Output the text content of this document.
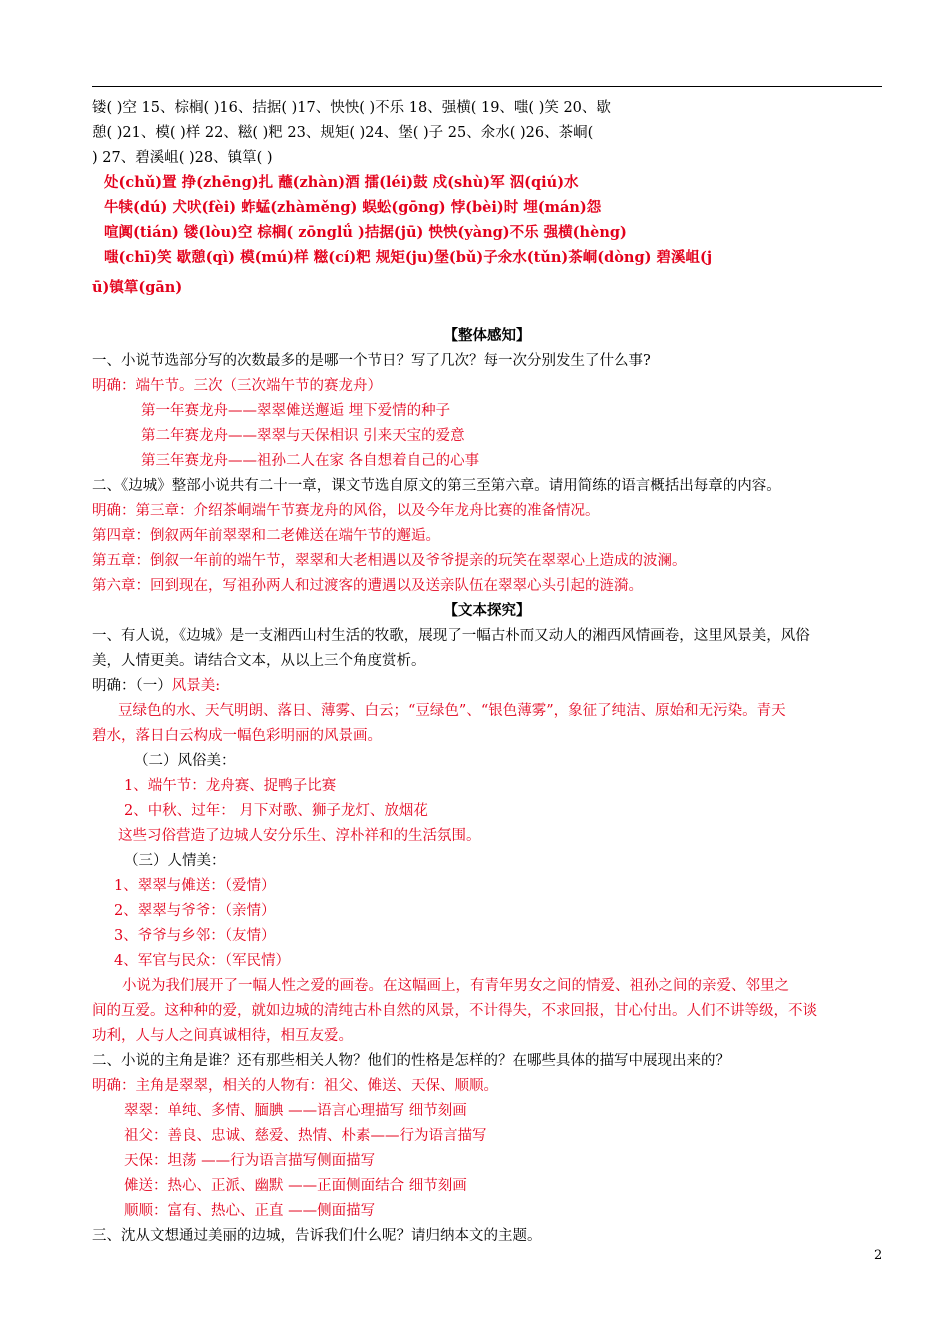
镂( )空 15、棕榈( )16、拮据( )17、怏怏( )不乐 18、强横( 19、嗤( )笑 20、歇
憩( )21、模( )样 22、糍( )粑 23、规矩( )24、堡( )子 25、氽水( )26、茶峒(
) 27、碧溪岨( )28、镇筸( )
处(chǔ)置 挣(zhēng)扎 蘸(zhàn)酒 擂(léi)鼓 戍(shù)军 泅(qiú)水
牛犊(dú) 犬吠(fèi) 蚱蜢(zhàměng) 蜈蚣(gōng) 悖(bèi)时 埋(mán)怨
喧阗(tián) 镂(lòu)空 棕榈( zōnglǘ )拮据(jū) 怏怏(yàng)不乐 强横(hèng)
嗤(chī)笑 歇憩(qì) 模(mú)样 糍(cí)粑 规矩(ju)堡(bǔ)子氽水(tǔn)茶峒(dòng) 碧溪岨(j
ū)镇筸(gān)
【整体感知】
一、小说节选部分写的次数最多的是哪一个节日？写了几次？每一次分别发生了什么事?
明确：端午节。三次（三次端午节的赛龙舟）
第一年赛龙舟——翠翠傩送邂逅 埋下爱情的种子
第二年赛龙舟——翠翠与天保相识 引来天宝的爱意
第三年赛龙舟——祖孙二人在家 各自想着自己的心事
二、《边城》整部小说共有二十一章，课文节选自原文的第三至第六章。请用简练的语言概括出每章的内容。
明确：第三章：介绍茶峒端午节赛龙舟的风俗，以及今年龙舟比赛的准备情况。
第四章：倒叙两年前翠翠和二老傩送在端午节的邂逅。
第五章：倒叙一年前的端午节，翠翠和大老相遇以及爷爷提亲的玩笑在翠翠心上造成的波澜。
第六章：回到现在，写祖孙两人和过渡客的遭遇以及送亲队伍在翠翠心头引起的涟漪。
【文本探究】
一、有人说，《边城》是一支湘西山村生活的牧歌，展现了一幅古朴而又动人的湘西风情画卷，这里风景美，风俗
美，人情更美。请结合文本，从以上三个角度赏析。
明确：（一）风景美:
豆绿色的水、天气明朗、落日、薄雾、白云；“豆绿色”、“银色薄雾”，象征了纯洁、原始和无污染。青天
碧水，落日白云构成一幅色彩明丽的风景画。
（二）风俗美：
1、端午节：龙舟赛、捉鸭子比赛
2、中秋、过年： 月下对歌、狮子龙灯、放烟花
这些习俗营造了边城人安分乐生、淳朴祥和的生活氛围。
（三）人情美：
1、翠翠与傩送：（爱情）
2、翠翠与爷爷：（亲情）
3、爷爷与乡邻：（友情）
4、军官与民众：（军民情）
小说为我们展开了一幅人性之爱的画卷。在这幅画上，有青年男女之间的情爱、祖孙之间的亲爱、邻里之
间的互爱。这种种的爱，就如边城的清纯古朴自然的风景，不计得失，不求回报，甘心付出。人们不讲等级，不谈
功利，人与人之间真诚相待，相互友爱。
二、小说的主角是谁？还有那些相关人物？他们的性格是怎样的？在哪些具体的描写中展现出来的？
明确：主角是翠翠，相关的人物有：祖父、傩送、天保、顺顺。
翠翠：单纯、多情、腼腆 ——语言心理描写 细节刻画
祖父：善良、忠诚、慈爱、热情、朴素——行为语言描写
天保：坦荡 ——行为语言描写侧面描写
傩送：热心、正派、幽默 ——正面侧面结合 细节刻画
顺顺：富有、热心、正直 ——侧面描写
三、沈从文想通过美丽的边城，告诉我们什么呢？请归纳本文的主题。
2
